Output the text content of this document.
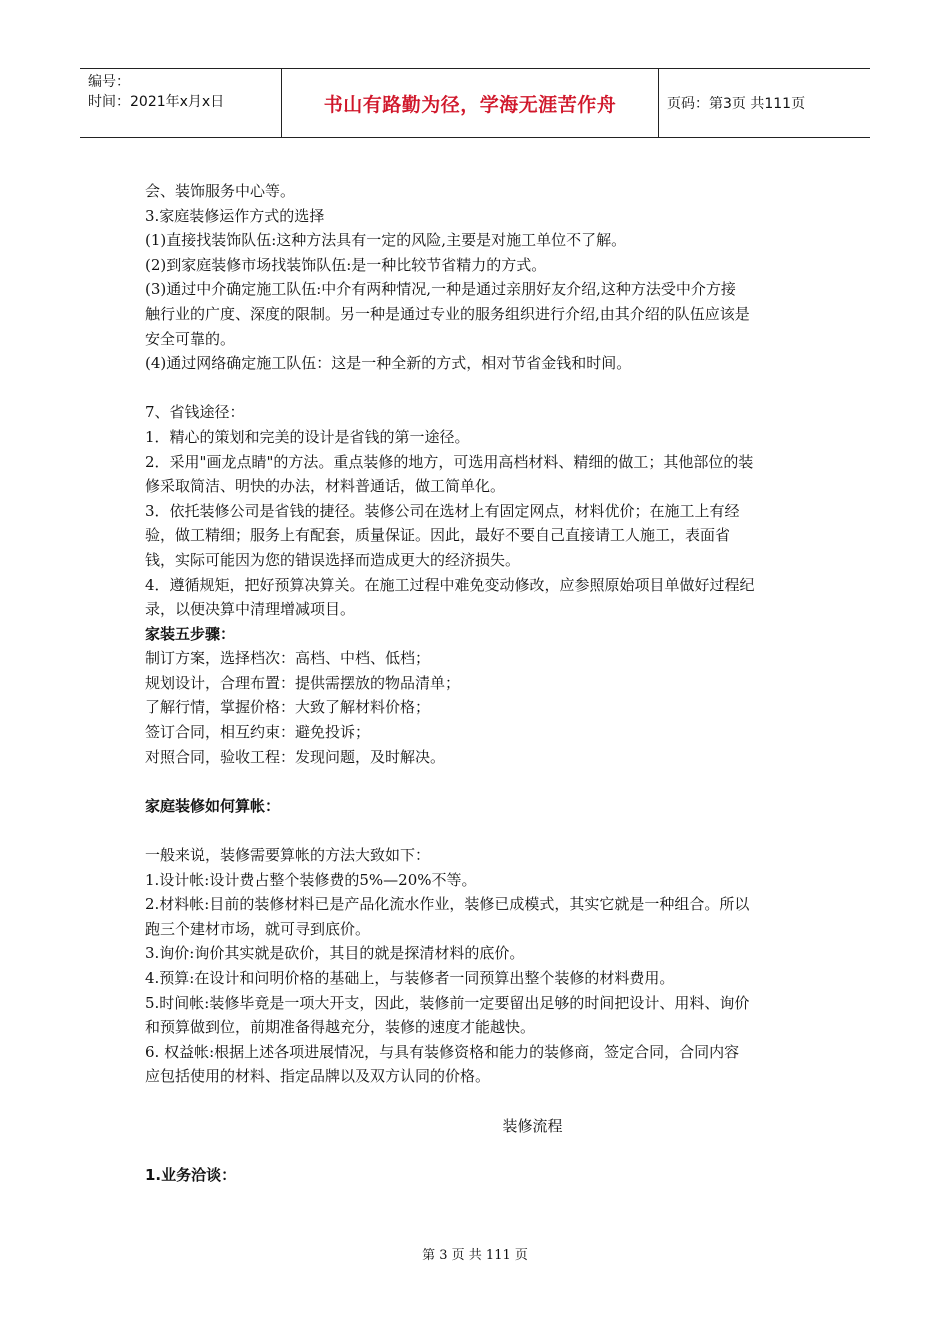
编号：
时间：2021年x月x日	书山有路勤为径，学海无涯苦作舟	页码：第3页 共111页

会、装饰服务中心等。

3.家庭装修运作方式的选择

(1)直接找装饰队伍:这种方法具有一定的风险,主要是对施工单位不了解。

(2)到家庭装修市场找装饰队伍:是一种比较节省精力的方式。

(3)通过中介确定施工队伍:中介有两种情况,一种是通过亲朋好友介绍,这种方法受中介方接

触行业的广度、深度的限制。另一种是通过专业的服务组织进行介绍,由其介绍的队伍应该是

安全可靠的。

(4)通过网络确定施工队伍：这是一种全新的方式，相对节省金钱和时间。

7、省钱途径：

1．精心的策划和完美的设计是省钱的第一途径。

2．采用"画龙点睛"的方法。重点装修的地方，可选用高档材料、精细的做工；其他部位的装

修采取简洁、明快的办法，材料普通话，做工简单化。

3．依托装修公司是省钱的捷径。装修公司在选材上有固定网点，材料优价；在施工上有经

验，做工精细；服务上有配套，质量保证。因此，最好不要自己直接请工人施工，表面省

钱，实际可能因为您的错误选择而造成更大的经济损失。

4．遵循规矩，把好预算决算关。在施工过程中难免变动修改，应参照原始项目单做好过程纪

录，以便决算中清理增减项目。

家装五步骤：

制订方案，选择档次：高档、中档、低档；

规划设计，合理布置：提供需摆放的物品清单；

了解行情，掌握价格：大致了解材料价格；

签订合同，相互约束：避免投诉；

对照合同，验收工程：发现问题，及时解决。

家庭装修如何算帐：

一般来说，装修需要算帐的方法大致如下：

1.设计帐:设计费占整个装修费的5%—20%不等。

2.材料帐:目前的装修材料已是产品化流水作业，装修已成模式，其实它就是一种组合。所以

跑三个建材市场，就可寻到底价。

3.询价:询价其实就是砍价，其目的就是探清材料的底价。

4.预算:在设计和问明价格的基础上，与装修者一同预算出整个装修的材料费用。

5.时间帐:装修毕竟是一项大开支，因此，装修前一定要留出足够的时间把设计、用料、询价

和预算做到位，前期准备得越充分，装修的速度才能越快。

6. 权益帐:根据上述各项进展情况，与具有装修资格和能力的装修商，签定合同，合同内容

应包括使用的材料、指定品牌以及双方认同的价格。

装修流程

1.业务洽谈：

第 3 页 共 111 页
